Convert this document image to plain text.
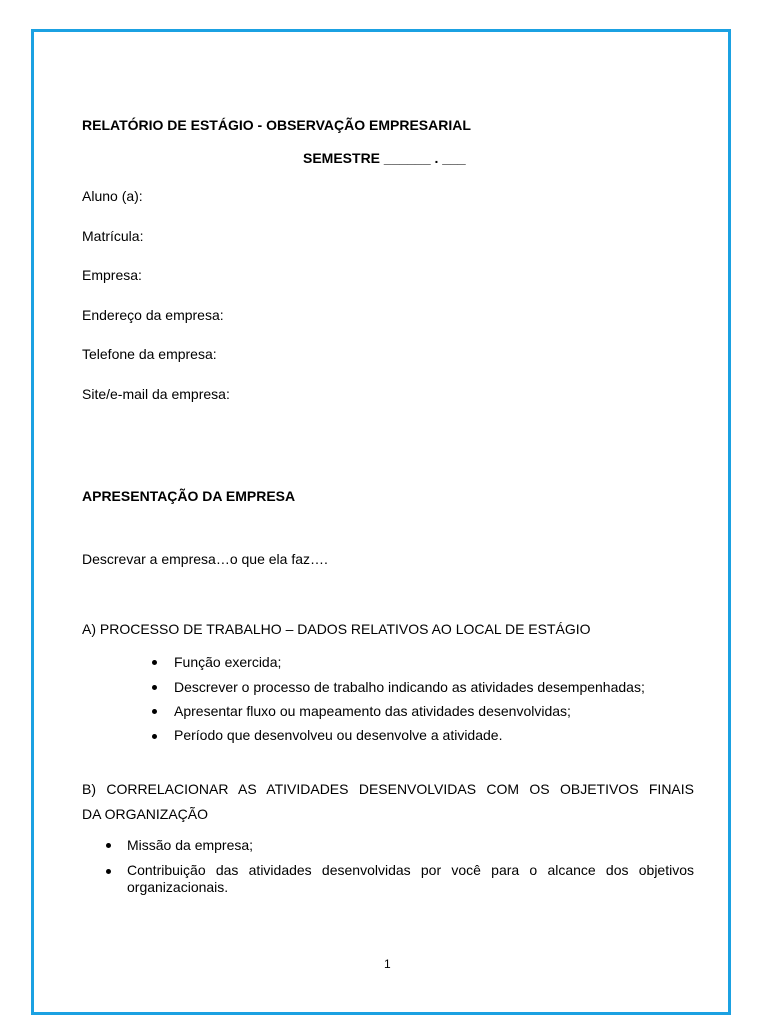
RELATÓRIO DE ESTÁGIO - OBSERVAÇÃO EMPRESARIAL
SEMESTRE ______ . ___
Aluno (a):
Matrícula:
Empresa:
Endereço da empresa:
Telefone da empresa:
Site/e-mail da empresa:
APRESENTAÇÃO DA EMPRESA
Descrevar a empresa…o que ela faz….
A) PROCESSO DE TRABALHO – DADOS RELATIVOS AO LOCAL DE ESTÁGIO
Função exercida;
Descrever o processo de trabalho indicando as atividades desempenhadas;
Apresentar fluxo ou mapeamento das atividades desenvolvidas;
Período que desenvolveu ou desenvolve a atividade.
B) CORRELACIONAR AS ATIVIDADES DESENVOLVIDAS COM OS OBJETIVOS FINAIS
DA ORGANIZAÇÃO
Missão da empresa;
Contribuição das atividades desenvolvidas por você para o alcance dos objetivos organizacionais.
1
